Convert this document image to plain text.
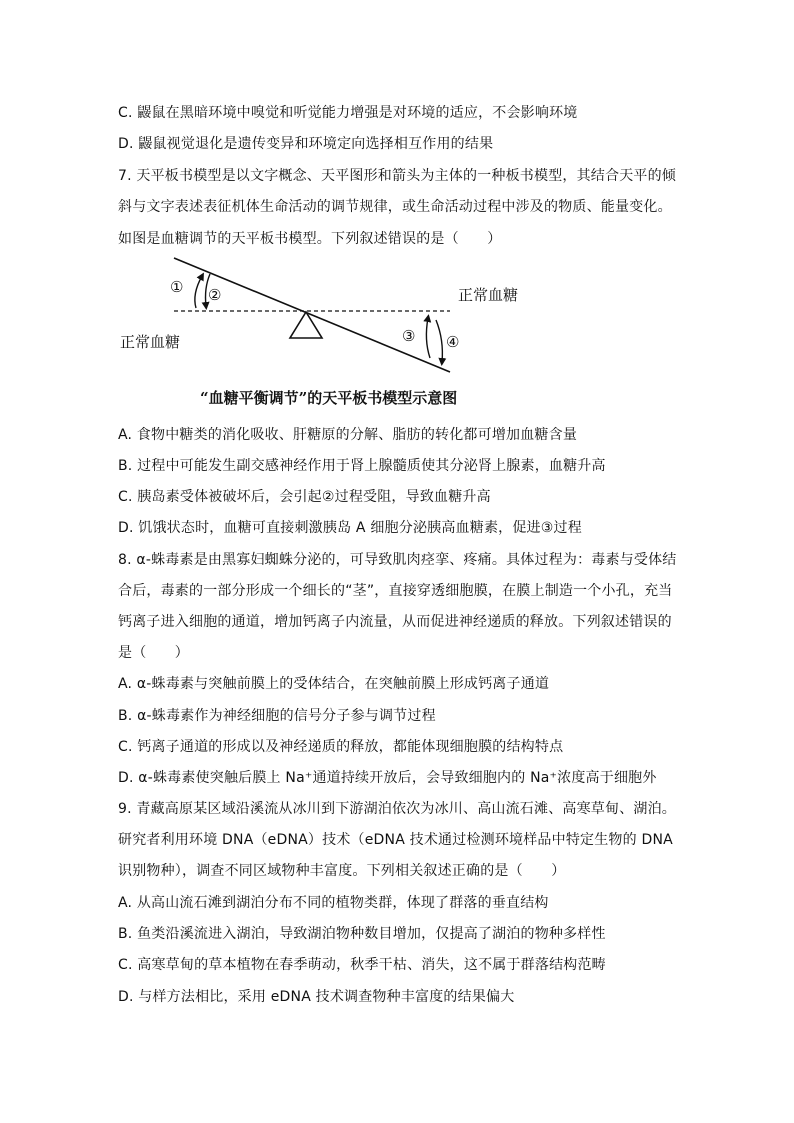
C. 鼹鼠在黑暗环境中嗅觉和听觉能力增强是对环境的适应，不会影响环境
D. 鼹鼠视觉退化是遗传变异和环境定向选择相互作用的结果
7. 天平板书模型是以文字概念、天平图形和箭头为主体的一种板书模型，其结合天平的倾
斜与文字表述表征机体生命活动的调节规律，或生命活动过程中涉及的物质、能量变化。
如图是血糖调节的天平板书模型。下列叙述错误的是（　　）
① ②
③ ④
正常血糖
正常血糖
“血糖平衡调节”的天平板书模型示意图
A. 食物中糖类的消化吸收、肝糖原的分解、脂肪的转化都可增加血糖含量
B. 过程中可能发生副交感神经作用于肾上腺髓质使其分泌肾上腺素，血糖升高
C. 胰岛素受体被破坏后，会引起②过程受阻，导致血糖升高
D. 饥饿状态时，血糖可直接刺激胰岛 A 细胞分泌胰高血糖素，促进③过程
8. α-蛛毒素是由黑寡妇蜘蛛分泌的，可导致肌肉痉挛、疼痛。具体过程为：毒素与受体结
合后，毒素的一部分形成一个细长的“茎”，直接穿透细胞膜，在膜上制造一个小孔，充当
钙离子进入细胞的通道，增加钙离子内流量，从而促进神经递质的释放。下列叙述错误的
是（　　）
A. α-蛛毒素与突触前膜上的受体结合，在突触前膜上形成钙离子通道
B. α-蛛毒素作为神经细胞的信号分子参与调节过程
C. 钙离子通道的形成以及神经递质的释放，都能体现细胞膜的结构特点
D. α-蛛毒素使突触后膜上 Na⁺通道持续开放后，会导致细胞内的 Na⁺浓度高于细胞外
9. 青藏高原某区域沿溪流从冰川到下游湖泊依次为冰川、高山流石滩、高寒草甸、湖泊。
研究者利用环境 DNA（eDNA）技术（eDNA 技术通过检测环境样品中特定生物的 DNA
识别物种），调查不同区域物种丰富度。下列相关叙述正确的是（　　）
A. 从高山流石滩到湖泊分布不同的植物类群，体现了群落的垂直结构
B. 鱼类沿溪流进入湖泊，导致湖泊物种数目增加，仅提高了湖泊的物种多样性
C. 高寒草甸的草本植物在春季萌动，秋季干枯、消失，这不属于群落结构范畴
D. 与样方法相比，采用 eDNA 技术调查物种丰富度的结果偏大
